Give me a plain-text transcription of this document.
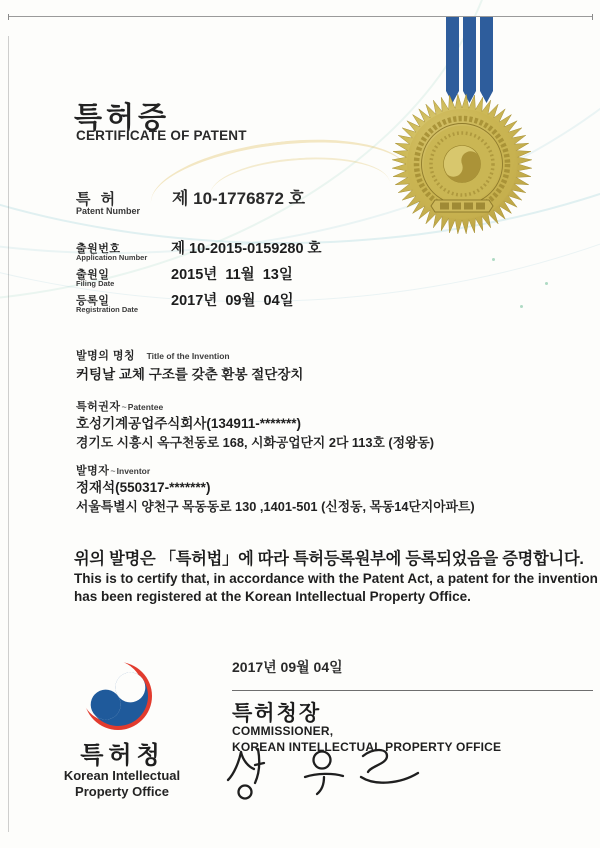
특허증
CERTIFICATE OF PATENT
특 허
Patent Number
제 10-1776872 호
출원번호
Application Number
제 10-2015-0159280 호
출원일
Filing Date
2015년  11월  13일
등록일
Registration Date
2017년  09월  04일
발명의 명칭 Title of the Invention
커팅날 교체 구조를 갖춘 환봉 절단장치
특허권자~Patentee
호성기계공업주식회사(134911-*******)
경기도 시흥시 옥구천동로 168, 시화공업단지 2다 113호 (정왕동)
발명자~Inventor
정재석(550317-*******)
서울특별시 양천구 목동동로 130 ,1401-501 (신정동, 목동14단지아파트)
위의 발명은 「특허법」에 따라 특허등록원부에 등록되었음을 증명합니다.
This is to certify that, in accordance with the Patent Act, a patent for the invention
has been registered at the Korean Intellectual Property Office.
2017년 09월 04일
특허청장
COMMISSIONER,
KOREAN INTELLECTUAL PROPERTY OFFICE
특허청
Korean Intellectual
Property Office
